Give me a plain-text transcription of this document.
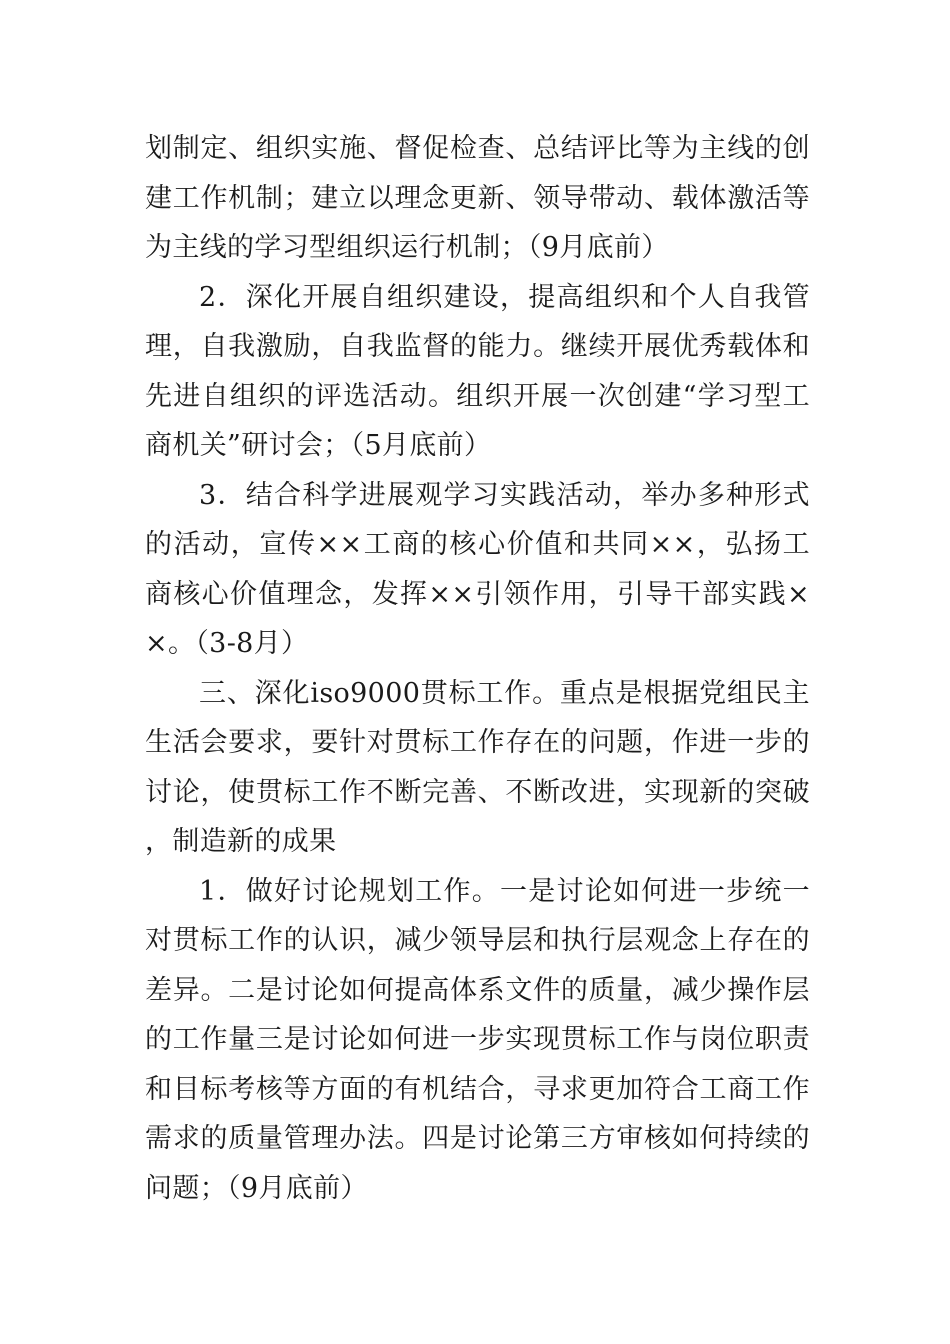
划制定、组织实施、督促检查、总结评比等为主线的创建工作机制；建立以理念更新、领导带动、载体激活等为主线的学习型组织运行机制；（9月底前）

2．深化开展自组织建设，提高组织和个人自我管理，自我激励，自我监督的能力。继续开展优秀载体和先进自组织的评选活动。组织开展一次创建“学习型工商机关”研讨会；（5月底前）

3．结合科学进展观学习实践活动，举办多种形式的活动，宣传××工商的核心价值和共同××，弘扬工商核心价值理念，发挥××引领作用，引导干部实践××。（3-8月）

三、深化iso9000贯标工作。重点是根据党组民主生活会要求，要针对贯标工作存在的问题，作进一步的讨论，使贯标工作不断完善、不断改进，实现新的突破，制造新的成果

1．做好讨论规划工作。一是讨论如何进一步统一对贯标工作的认识，减少领导层和执行层观念上存在的差异。二是讨论如何提高体系文件的质量，减少操作层的工作量三是讨论如何进一步实现贯标工作与岗位职责和目标考核等方面的有机结合，寻求更加符合工商工作需求的质量管理办法。四是讨论第三方审核如何持续的问题；（9月底前）
